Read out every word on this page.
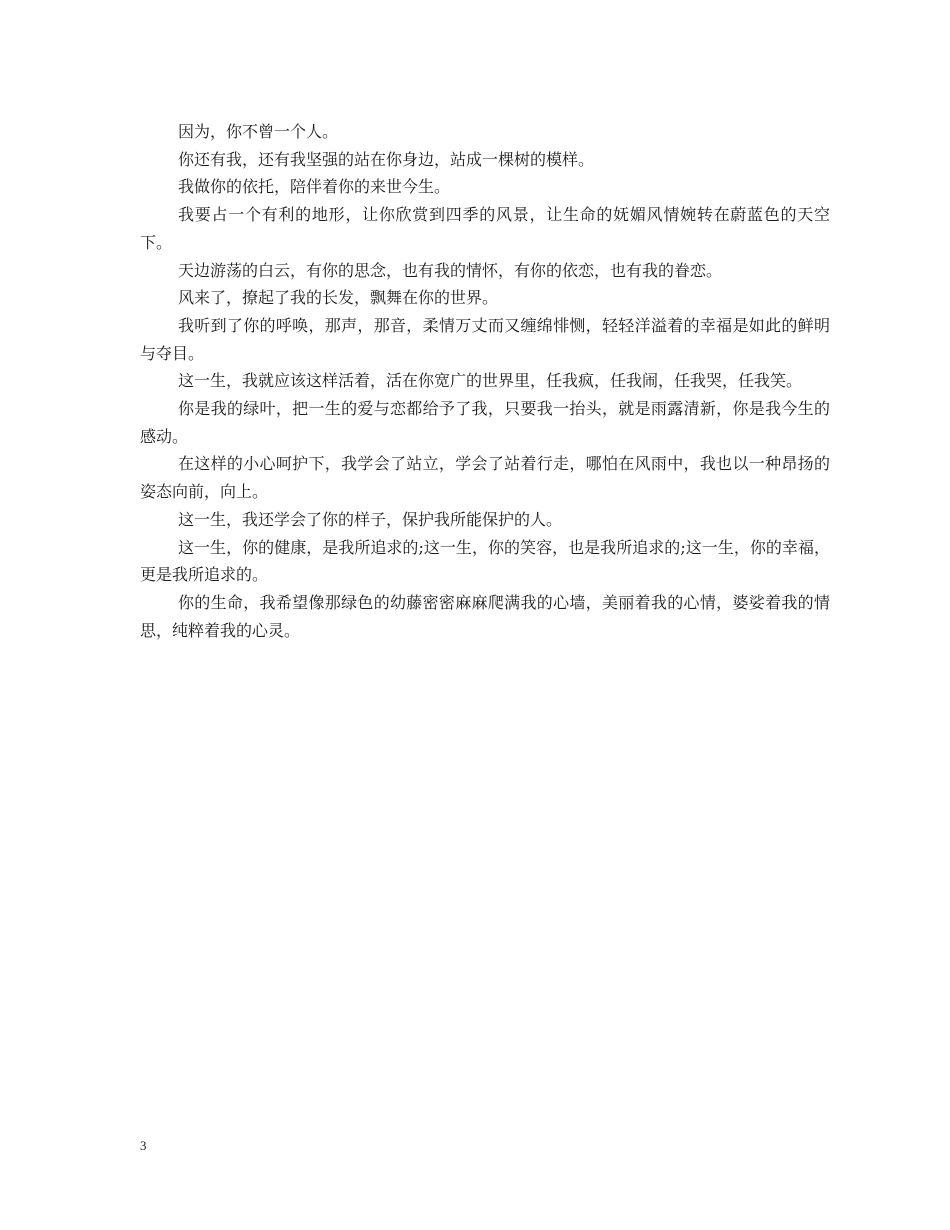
因为，你不曾一个人。

你还有我，还有我坚强的站在你身边，站成一棵树的模样。

我做你的依托，陪伴着你的来世今生。

我要占一个有利的地形，让你欣赏到四季的风景，让生命的妩媚风情婉转在蔚蓝色的天空下。

天边游荡的白云，有你的思念，也有我的情怀，有你的依恋，也有我的眷恋。

风来了，撩起了我的长发，飘舞在你的世界。

我听到了你的呼唤，那声，那音，柔情万丈而又缠绵悱恻，轻轻洋溢着的幸福是如此的鲜明与夺目。

这一生，我就应该这样活着，活在你宽广的世界里，任我疯，任我闹，任我哭，任我笑。

你是我的绿叶，把一生的爱与恋都给予了我，只要我一抬头，就是雨露清新，你是我今生的感动。

在这样的小心呵护下，我学会了站立，学会了站着行走，哪怕在风雨中，我也以一种昂扬的姿态向前，向上。

这一生，我还学会了你的样子，保护我所能保护的人。

这一生，你的健康，是我所追求的;这一生，你的笑容，也是我所追求的;这一生，你的幸福，更是我所追求的。

你的生命，我希望像那绿色的幼藤密密麻麻爬满我的心墙，美丽着我的心情，婆娑着我的情思，纯粹着我的心灵。

3
